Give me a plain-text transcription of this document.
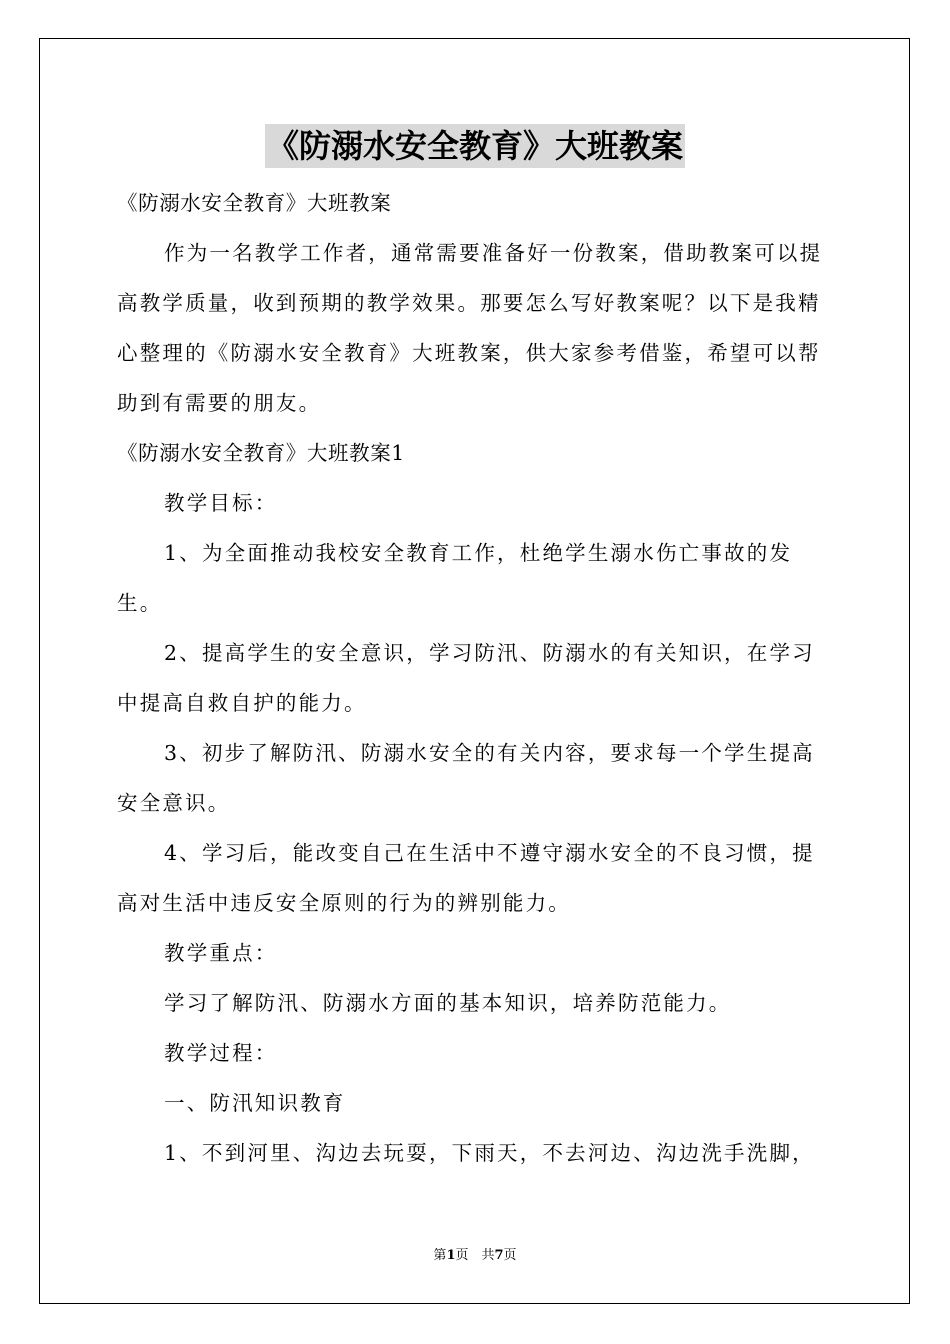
《防溺水安全教育》大班教案

《防溺水安全教育》大班教案

作为一名教学工作者，通常需要准备好一份教案，借助教案可以提高教学质量，收到预期的教学效果。那要怎么写好教案呢？以下是我精心整理的《防溺水安全教育》大班教案，供大家参考借鉴，希望可以帮助到有需要的朋友。

《防溺水安全教育》大班教案1

教学目标：

1、为全面推动我校安全教育工作，杜绝学生溺水伤亡事故的发生。

2、提高学生的安全意识，学习防汛、防溺水的有关知识，在学习中提高自救自护的能力。

3、初步了解防汛、防溺水安全的有关内容，要求每一个学生提高安全意识。

4、学习后，能改变自己在生活中不遵守溺水安全的不良习惯，提高对生活中违反安全原则的行为的辨别能力。

教学重点：

学习了解防汛、防溺水方面的基本知识，培养防范能力。

教学过程：

一、防汛知识教育

1、不到河里、沟边去玩耍，下雨天，不去河边、沟边洗手洗脚，

第1页　共7页
